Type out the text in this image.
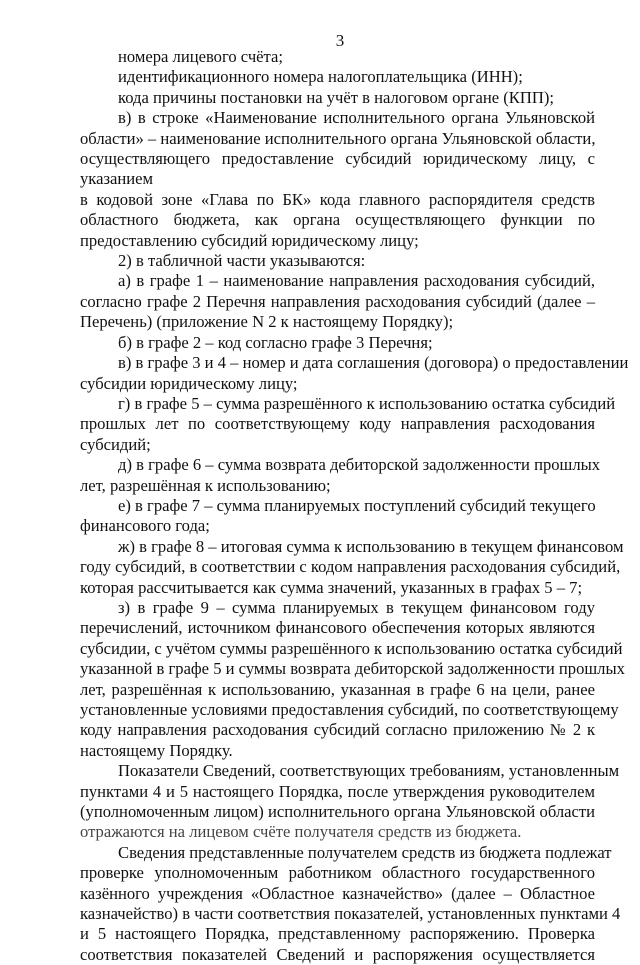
3
номера лицевого счёта;
идентификационного номера налогоплательщика (ИНН);
кода причины постановки на учёт в налоговом органе (КПП);
в) в строке «Наименование исполнительного органа Ульяновской
области» – наименование исполнительного органа Ульяновской области,
осуществляющего предоставление субсидий юридическому лицу, с
указанием
в кодовой зоне «Глава по БК» кода главного распорядителя средств
областного бюджета, как органа осуществляющего функции по
предоставлению субсидий юридическому лицу;
2) в табличной части указываются:
а) в графе 1 – наименование направления расходования субсидий,
согласно графе 2 Перечня направления расходования субсидий (далее –
Перечень) (приложение N 2 к настоящему Порядку);
б) в графе 2 – код согласно графе 3 Перечня;
в) в графе 3 и 4 – номер и дата соглашения (договора) о предоставлении
субсидии юридическому лицу;
г) в графе 5 – сумма разрешённого к использованию остатка субсидий
прошлых лет по соответствующему коду направления расходования
субсидий;
д) в графе 6 – сумма возврата дебиторской задолженности прошлых
лет, разрешённая к использованию;
е) в графе 7 – сумма планируемых поступлений субсидий текущего
финансового года;
ж) в графе 8 – итоговая сумма к использованию в текущем финансовом
году субсидий, в соответствии с кодом направления расходования субсидий,
которая рассчитывается как сумма значений, указанных в графах 5 – 7;
з) в графе 9 – сумма планируемых в текущем финансовом году
перечислений, источником финансового обеспечения которых являются
субсидии, с учётом суммы разрешённого к использованию остатка субсидий
указанной в графе 5 и суммы возврата дебиторской задолженности прошлых
лет, разрешённая к использованию, указанная в графе 6 на цели, ранее
установленные условиями предоставления субсидий, по соответствующему
коду направления расходования субсидий согласно приложению № 2 к
настоящему Порядку.
Показатели Сведений, соответствующих требованиям, установленным
пунктами 4 и 5 настоящего Порядка, после утверждения руководителем
(уполномоченным лицом) исполнительного органа Ульяновской области
отражаются на лицевом счёте получателя средств из бюджета.
Сведения представленные получателем средств из бюджета подлежат
проверке уполномоченным работником областного государственного
казённого учреждения «Областное казначейство» (далее – Областное
казначейство) в части соответствия показателей, установленных пунктами 4
и 5 настоящего Порядка, представленному распоряжению. Проверка
соответствия показателей Сведений и распоряжения осуществляется
